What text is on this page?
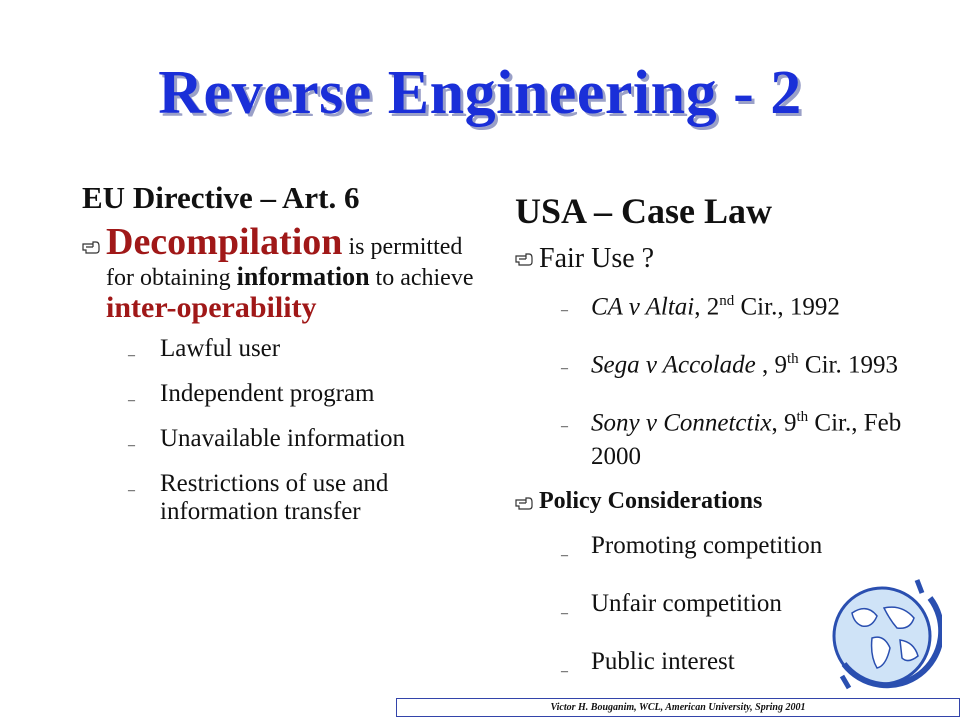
Reverse Engineering - 2
EU Directive – Art. 6
Decompilation is permitted for obtaining information to achieve inter-operability
–	Lawful user
–	Independent program
–	Unavailable information
–	Restrictions of use and information transfer
USA – Case Law
Fair Use ?
– CA v Altai, 2nd Cir., 1992
– Sega v Accolade , 9th Cir. 1993
– Sony v Connetctix, 9th Cir., Feb 2000
Policy Considerations
– Promoting competition
– Unfair competition
– Public interest
Victor H. Bouganim, WCL, American University, Spring 2001
